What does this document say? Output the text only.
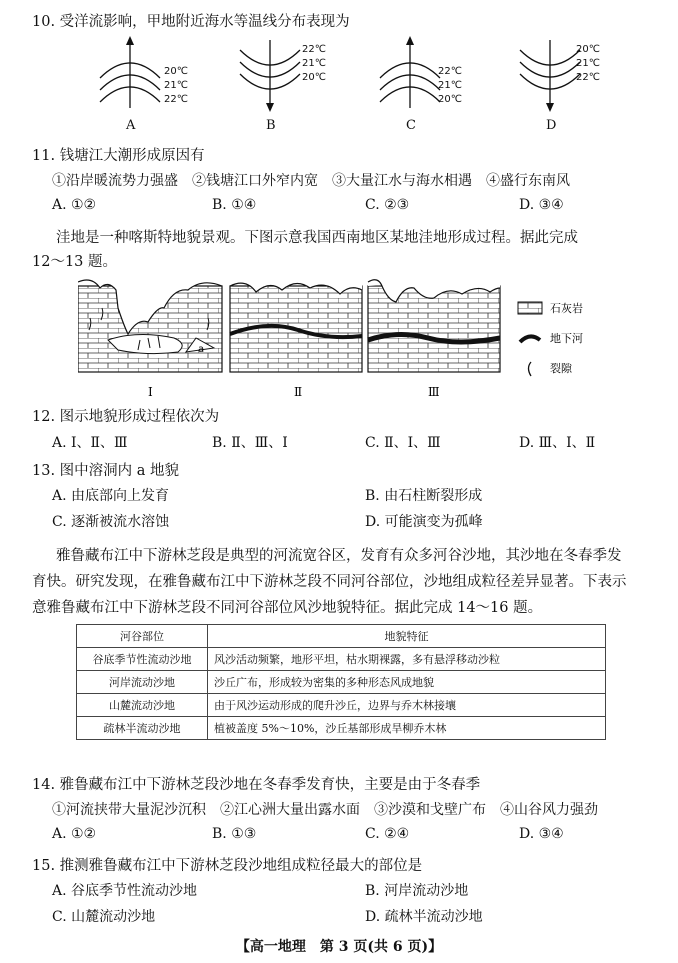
10. 受洋流影响，甲地附近海水等温线分布表现为
20℃
21℃
22℃
A
22℃
21℃
20℃
B
22℃
21℃
20℃
C
20℃
21℃
22℃
D
11. 钱塘江大潮形成原因有
①沿岸暖流势力强盛　②钱塘江口外窄内宽　③大量江水与海水相遇　④盛行东南风
A. ①②	B. ①④	C. ②③	D. ③④
洼地是一种喀斯特地貌景观。下图示意我国西南地区某地洼地形成过程。据此完成
12～13 题。
a
Ⅰ	Ⅱ	Ⅲ
石灰岩
地下河
裂隙
12. 图示地貌形成过程依次为
A. Ⅰ、Ⅱ、Ⅲ	B. Ⅱ、Ⅲ、Ⅰ	C. Ⅱ、Ⅰ、Ⅲ	D. Ⅲ、Ⅰ、Ⅱ
13. 图中溶洞内 a 地貌
A. 由底部向上发育	B. 由石柱断裂形成
C. 逐渐被流水溶蚀	D. 可能演变为孤峰
雅鲁藏布江中下游林芝段是典型的河流宽谷区，发育有众多河谷沙地，其沙地在冬春季发
育快。研究发现，在雅鲁藏布江中下游林芝段不同河谷部位，沙地组成粒径差异显著。下表示
意雅鲁藏布江中下游林芝段不同河谷部位风沙地貌特征。据此完成 14～16 题。
河谷部位	地貌特征
谷底季节性流动沙地	风沙活动频繁，地形平坦，枯水期裸露，多有悬浮移动沙粒
河岸流动沙地	沙丘广布，形成较为密集的多种形态风成地貌
山麓流动沙地	由于风沙运动形成的爬升沙丘，边界与乔木林接壤
疏林半流动沙地	植被盖度 5%～10%，沙丘基部形成旱柳乔木林
14. 雅鲁藏布江中下游林芝段沙地在冬春季发育快，主要是由于冬春季
①河流挟带大量泥沙沉积　②江心洲大量出露水面　③沙漠和戈壁广布　④山谷风力强劲
A. ①②	B. ①③	C. ②④	D. ③④
15. 推测雅鲁藏布江中下游林芝段沙地组成粒径最大的部位是
A. 谷底季节性流动沙地	B. 河岸流动沙地
C. 山麓流动沙地	D. 疏林半流动沙地
【高一地理　第 3 页(共 6 页)】
